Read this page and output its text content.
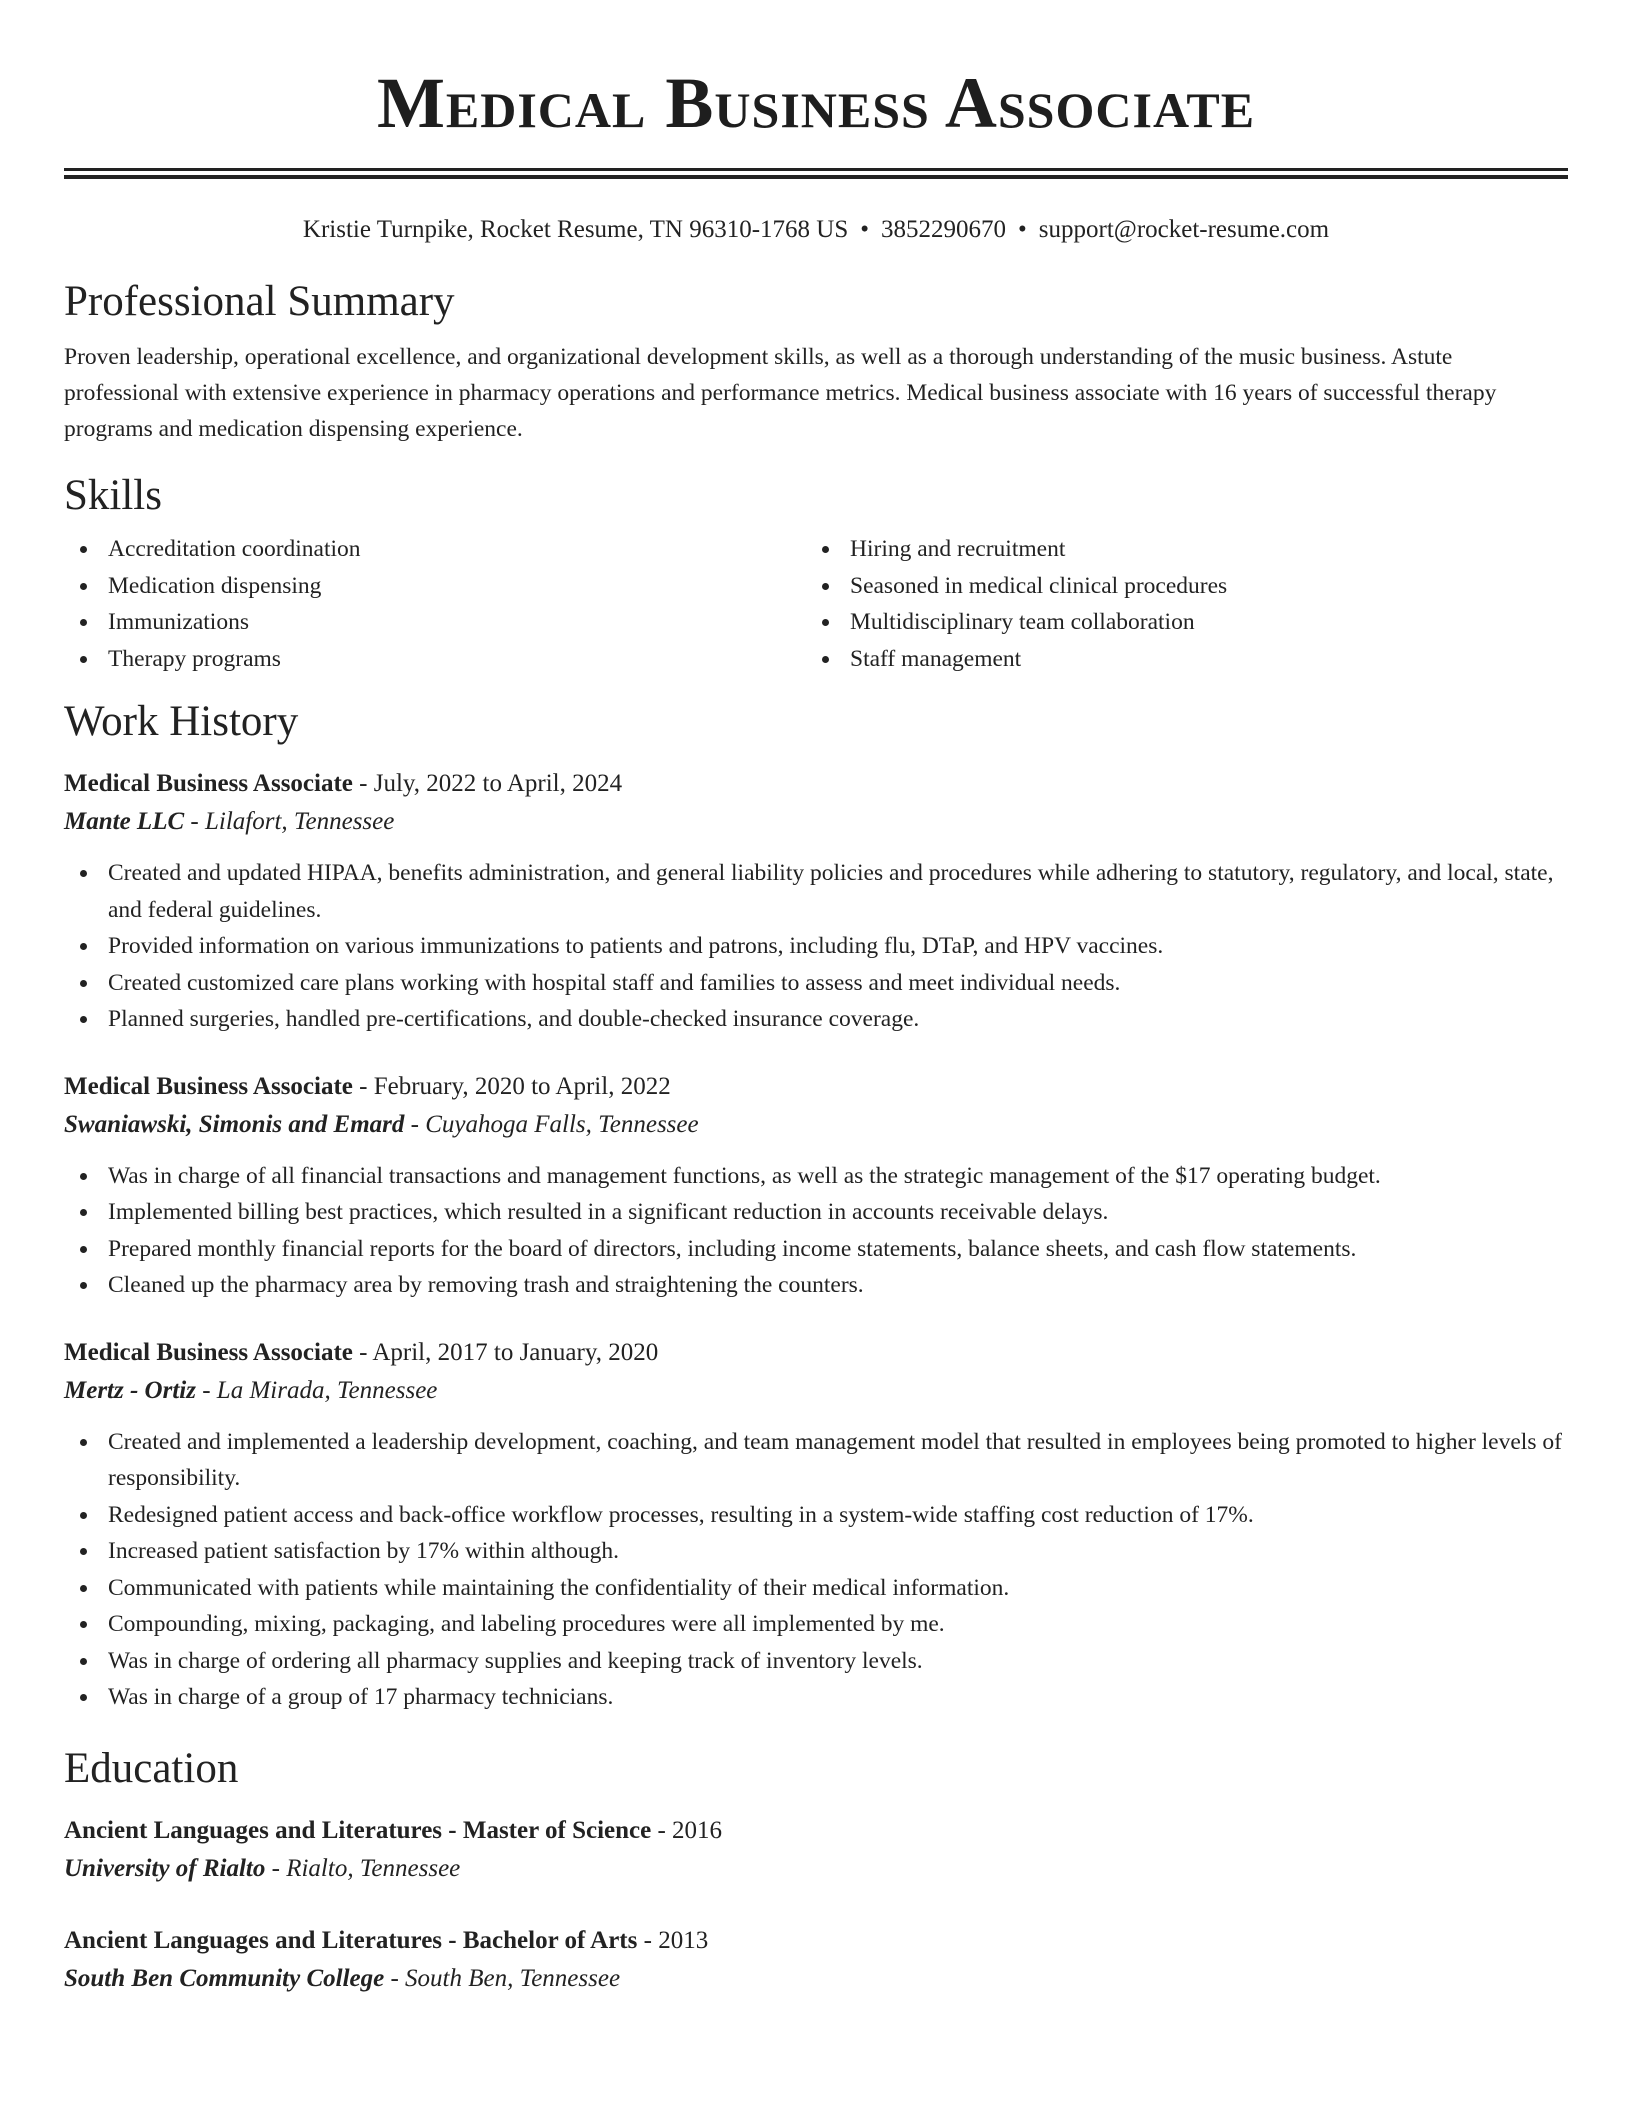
Medical Business Associate
Kristie Turnpike, Rocket Resume, TN 96310-1768 US • 3852290670 • support@rocket-resume.com
Professional Summary

Proven leadership, operational excellence, and organizational development skills, as well as a thorough understanding of the music business. Astute professional with extensive experience in pharmacy operations and performance metrics. Medical business associate with 16 years of successful therapy programs and medication dispensing experience.

Skills
Accreditation coordination
Medication dispensing
Immunizations
Therapy programs
Hiring and recruitment
Seasoned in medical clinical procedures
Multidisciplinary team collaboration
Staff management
Work History
Medical Business Associate - July, 2022 to April, 2024
Mante LLC - Lilafort, Tennessee
Created and updated HIPAA, benefits administration, and general liability policies and procedures while adhering to statutory, regulatory, and local, state, and federal guidelines.
Provided information on various immunizations to patients and patrons, including flu, DTaP, and HPV vaccines.
Created customized care plans working with hospital staff and families to assess and meet individual needs.
Planned surgeries, handled pre-certifications, and double-checked insurance coverage.
Medical Business Associate - February, 2020 to April, 2022
Swaniawski, Simonis and Emard - Cuyahoga Falls, Tennessee
Was in charge of all financial transactions and management functions, as well as the strategic management of the $17 operating budget.
Implemented billing best practices, which resulted in a significant reduction in accounts receivable delays.
Prepared monthly financial reports for the board of directors, including income statements, balance sheets, and cash flow statements.
Cleaned up the pharmacy area by removing trash and straightening the counters.
Medical Business Associate - April, 2017 to January, 2020
Mertz - Ortiz - La Mirada, Tennessee
Created and implemented a leadership development, coaching, and team management model that resulted in employees being promoted to higher levels of responsibility.
Redesigned patient access and back-office workflow processes, resulting in a system-wide staffing cost reduction of 17%.
Increased patient satisfaction by 17% within although.
Communicated with patients while maintaining the confidentiality of their medical information.
Compounding, mixing, packaging, and labeling procedures were all implemented by me.
Was in charge of ordering all pharmacy supplies and keeping track of inventory levels.
Was in charge of a group of 17 pharmacy technicians.
Education
Ancient Languages and Literatures - Master of Science - 2016
University of Rialto - Rialto, Tennessee
Ancient Languages and Literatures - Bachelor of Arts - 2013
South Ben Community College - South Ben, Tennessee
